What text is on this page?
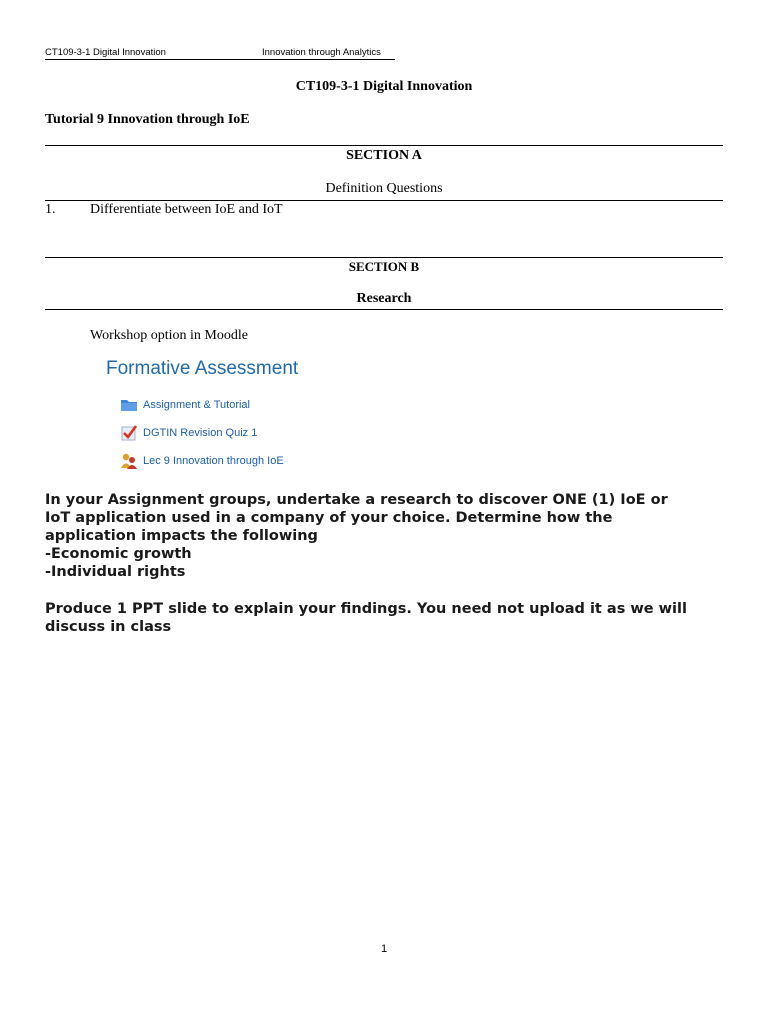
CT109-3-1 Digital Innovation	Innovation through Analytics
CT109-3-1 Digital Innovation
Tutorial 9 Innovation through IoE
SECTION A
Definition Questions
1. Differentiate between IoE and IoT
SECTION B
Research
Workshop option in Moodle
Formative Assessment
Assignment & Tutorial
DGTIN Revision Quiz 1
Lec 9 Innovation through IoE
In your Assignment groups, undertake a research to discover ONE (1) IoE or
IoT application used in a company of your choice. Determine how the
application impacts the following
-Economic growth
-Individual rights
Produce 1 PPT slide to explain your findings. You need not upload it as we will
discuss in class
1
